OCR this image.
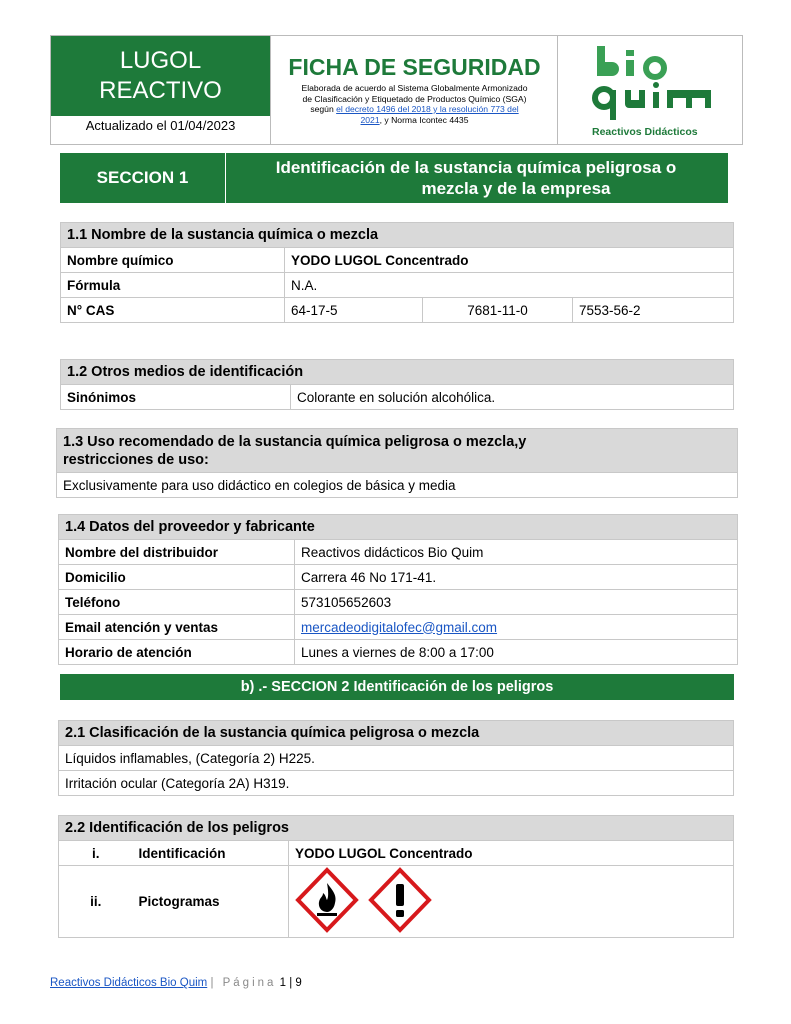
LUGOL
REACTIVO
Actualizado el 01/04/2023
FICHA DE SEGURIDAD
Elaborada de acuerdo al Sistema Globalmente Armonizado
de Clasificación y Etiquetado de Productos Químico (SGA)
según el decreto 1496 del 2018 y la resolución 773 del
2021, y Norma Icontec 4435
Reactivos Didácticos
SECCION 1
Identificación de la sustancia química peligrosa o
mezcla y de la empresa
1.1 Nombre de la sustancia química o mezcla			
Nombre químico	YODO LUGOL Concentrado		
Fórmula	N.A.		
N° CAS	64-17-5	7681-11-0	7553-56-2
1.2 Otros medios de identificación
Sinónimos	Colorante en solución alcohólica.
1.3 Uso recomendado de la sustancia química peligrosa o mezcla,y
restricciones de uso:

Exclusivamente para uso didáctico en colegios de básica y media
1.4 Datos del proveedor y fabricante	
Nombre del distribuidor	Reactivos didácticos Bio Quim
Domicilio	Carrera 46 No 171-41.
Teléfono	573105652603
Email atención y ventas	mercadeodigitalofec@gmail.com
Horario de atención	Lunes a viernes de 8:00 a 17:00
b) .- SECCION 2 Identificación de los peligros
2.1 Clasificación de la sustancia química peligrosa o mezcla
Líquidos inflamables, (Categoría 2) H225.
Irritación ocular (Categoría 2A) H319.
2.2 Identificación de los peligros		
i.	Identificación	YODO LUGOL Concentrado
ii.	Pictogramas	
Reactivos Didácticos Bio Quim | Página 1 | 9
